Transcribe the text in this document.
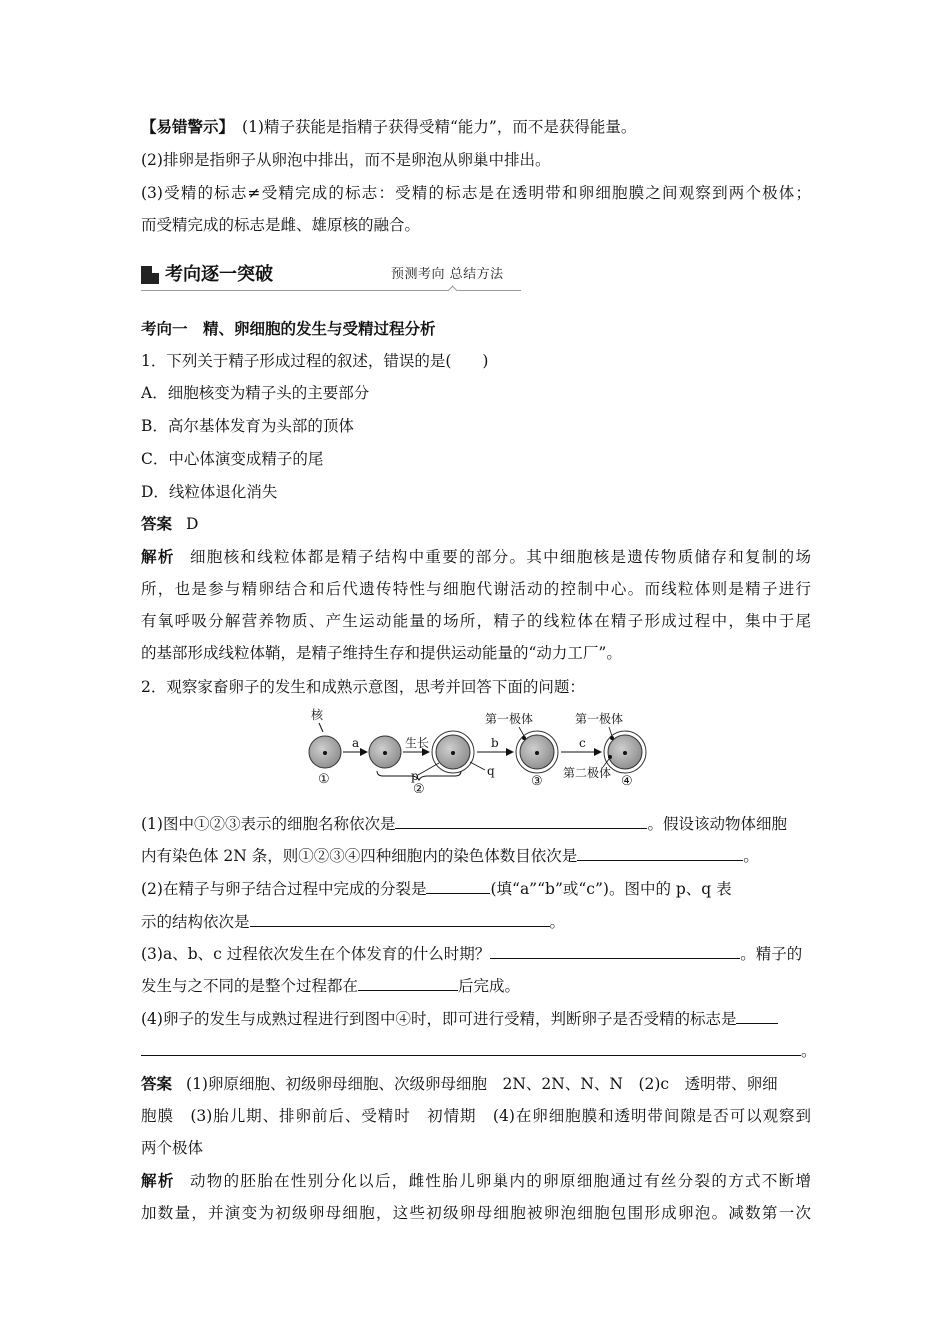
【易错警示】 (1)精子获能是指精子获得受精“能力”，而不是获得能量。
(2)排卵是指卵子从卵泡中排出，而不是卵泡从卵巢中排出。
(3)受精的标志≠受精完成的标志：受精的标志是在透明带和卵细胞膜之间观察到两个极体；
而受精完成的标志是雌、雄原核的融合。
考向逐一突破	预测考向 总结方法
考向一　精、卵细胞的发生与受精过程分析
1．下列关于精子形成过程的叙述，错误的是(　　)
A．细胞核变为精子头的主要部分
B．高尔基体发育为头部的顶体
C．中心体演变成精子的尾
D．线粒体退化消失
答案 D
解析 细胞核和线粒体都是精子结构中重要的部分。其中细胞核是遗传物质储存和复制的场
所，也是参与精卵结合和后代遗传特性与细胞代谢活动的控制中心。而线粒体则是精子进行
有氧呼吸分解营养物质、产生运动能量的场所，精子的线粒体在精子形成过程中，集中于尾
的基部形成线粒体鞘，是精子维持生存和提供运动能量的“动力工厂”。
2．观察家畜卵子的发生和成熟示意图，思考并回答下面的问题：
核
①
a	生长
p	q
②
b
第一极体
③
c
第一极体
第二极体
④
(1)图中①②③表示的细胞名称依次是	。假设该动物体细胞
内有染色体 2N 条，则①②③④四种细胞内的染色体数目依次是	。
(2)在精子与卵子结合过程中完成的分裂是	(填“a”“b”或“c”)。图中的 p、q 表
示的结构依次是	。
(3)a、b、c 过程依次发生在个体发育的什么时期？	。精子的
发生与之不同的是整个过程都在	后完成。
(4)卵子的发生与成熟过程进行到图中④时，即可进行受精，判断卵子是否受精的标志是
。
答案 (1)卵原细胞、初级卵母细胞、次级卵母细胞　2N、2N、N、N　(2)c　透明带、卵细
胞膜　(3)胎儿期、排卵前后、受精时　初情期　(4)在卵细胞膜和透明带间隙是否可以观察到
两个极体
解析 动物的胚胎在性别分化以后，雌性胎儿卵巢内的卵原细胞通过有丝分裂的方式不断增
加数量，并演变为初级卵母细胞，这些初级卵母细胞被卵泡细胞包围形成卵泡。减数第一次
